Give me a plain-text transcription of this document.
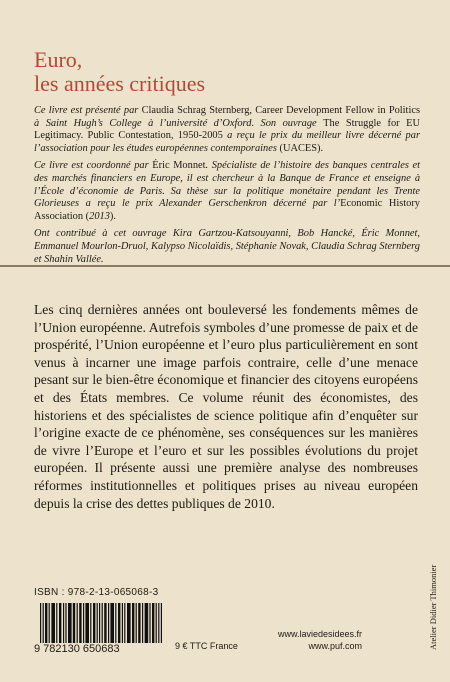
Euro,
les années critiques

Ce livre est présenté par Claudia Schrag Sternberg, Career Development Fellow in Politics à Saint Hugh’s College à l’université d’Oxford. Son ouvrage The Struggle for EU Legitimacy. Public Contestation, 1950-2005 a reçu le prix du meilleur livre décerné par l’association pour les études européennes contemporaines (UACES).

Ce livre est coordonné par Éric Monnet. Spécialiste de l’histoire des banques centrales et des marchés financiers en Europe, il est chercheur à la Banque de France et enseigne à l’École d’économie de Paris. Sa thèse sur la politique monétaire pendant les Trente Glorieuses a reçu le prix Alexander Gerschenkron décerné par l’Economic History Association (2013).

Ont contribué à cet ouvrage Kira Gartzou-Katsouyanni, Bob Hancké, Éric Monnet, Emmanuel Mourlon-Druol, Kalypso Nicolaïdis, Stéphanie Novak, Claudia Schrag Sternberg et Shahin Vallée.

Les cinq dernières années ont bouleversé les fondements mêmes de l’Union européenne. Autrefois symboles d’une promesse de paix et de prospérité, l’Union européenne et l’euro plus particulièrement en sont venus à incarner une image parfois contraire, celle d’une menace pesant sur le bien-être économique et financier des citoyens européens et des États membres. Ce volume réunit des économistes, des historiens et des spécialistes de science politique afin d’enquêter sur l’origine exacte de ce phénomène, ses conséquences sur les manières de vivre l’Europe et l’euro et sur les possibles évolutions du projet européen. Il présente aussi une première analyse des nombreuses réformes institutionnelles et politiques prises au niveau européen depuis la crise des dettes publiques de 2010.
ISBN : 978-2-13-065068-3
9 782130 650683	9 € TTC France
www.laviedesidees.fr
www.puf.com	Atelier Didier Thimonier
